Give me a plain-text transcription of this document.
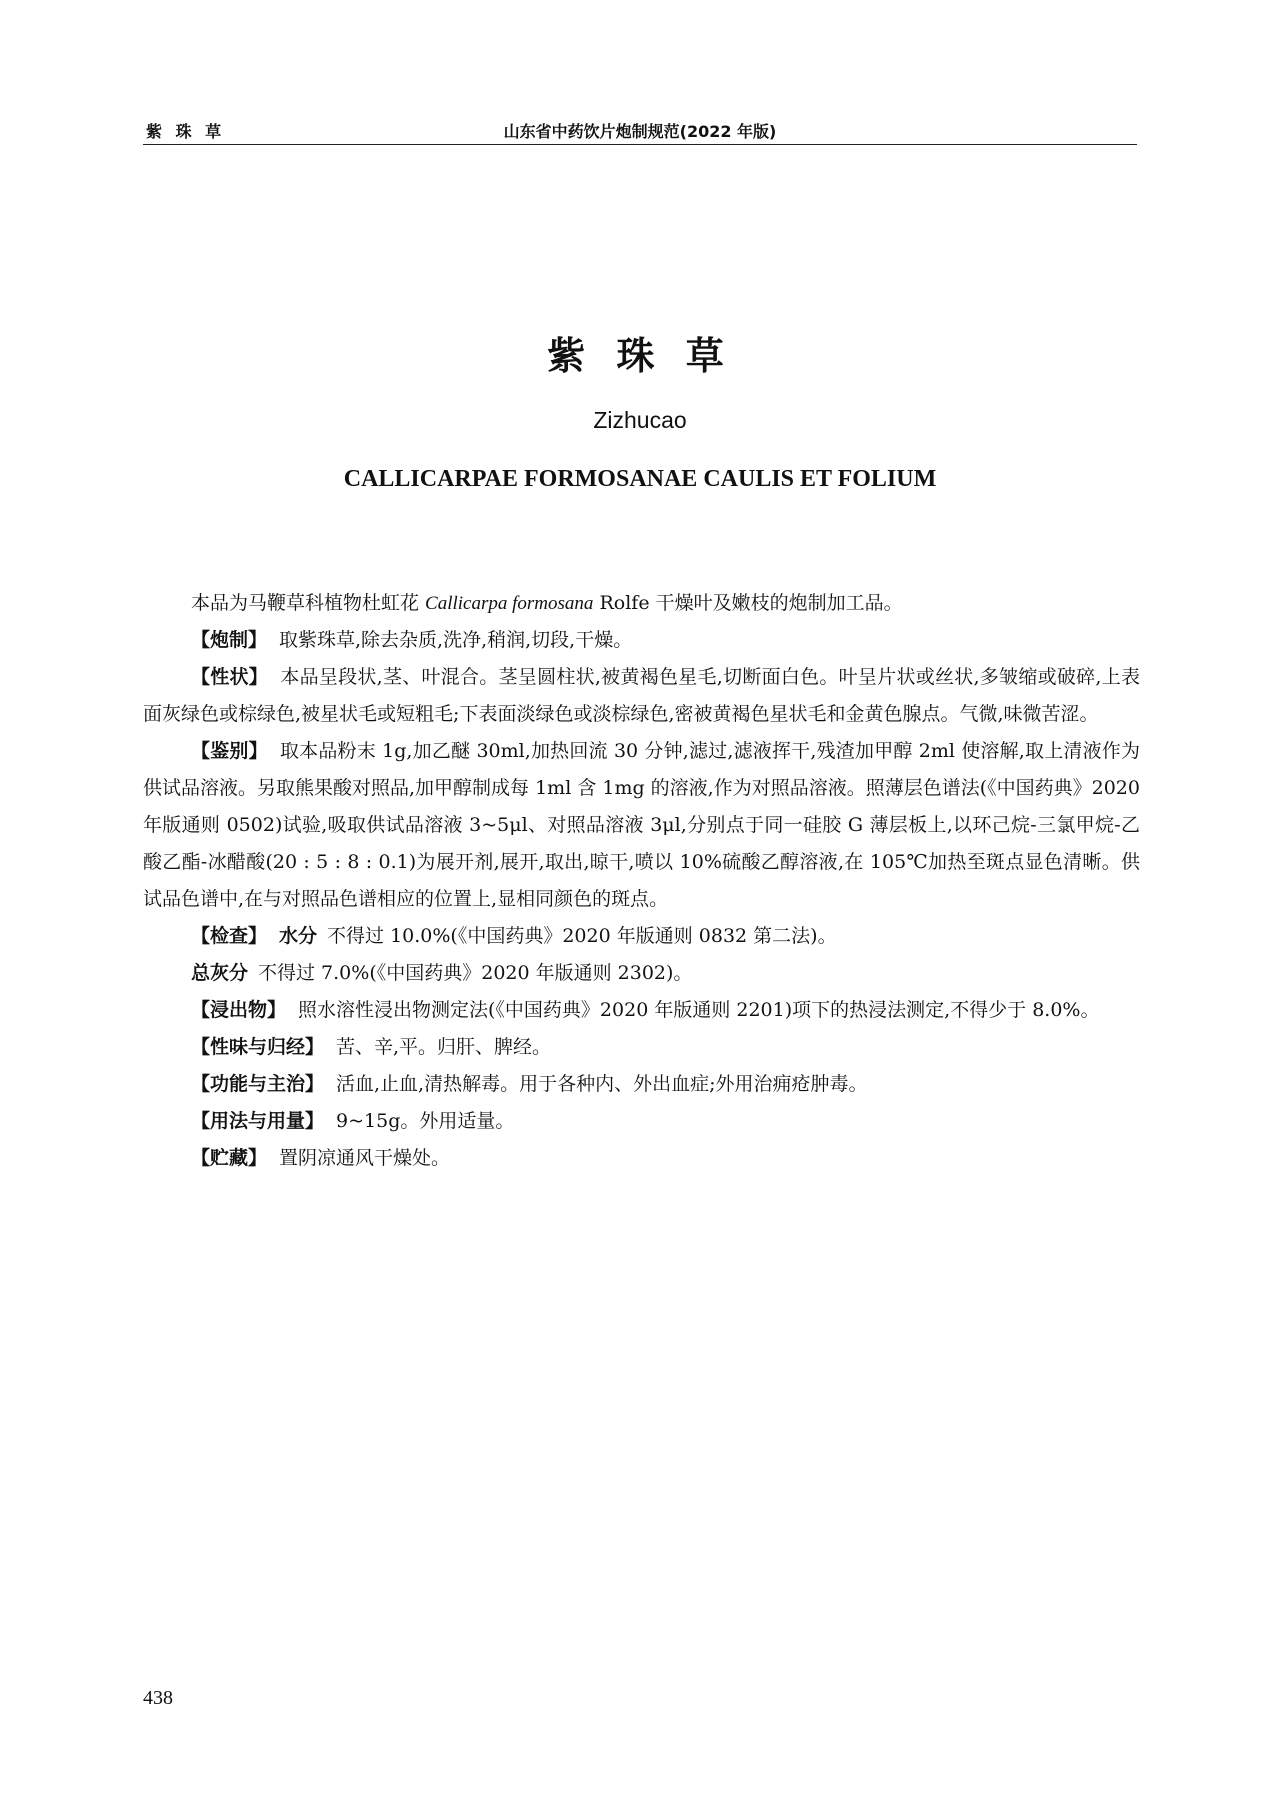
紫 珠 草	山东省中药饮片炮制规范(2022 年版)
紫 珠 草
Zizhucao
CALLICARPAE FORMOSANAE CAULIS ET FOLIUM

本品为马鞭草科植物杜虹花 Callicarpa formosana Rolfe 干燥叶及嫩枝的炮制加工品。

【炮制】 取紫珠草,除去杂质,洗净,稍润,切段,干燥。

【性状】 本品呈段状,茎、叶混合。茎呈圆柱状,被黄褐色星毛,切断面白色。叶呈片状或丝状,多皱缩或破碎,上表面灰绿色或棕绿色,被星状毛或短粗毛;下表面淡绿色或淡棕绿色,密被黄褐色星状毛和金黄色腺点。气微,味微苦涩。

【鉴别】 取本品粉末 1g,加乙醚 30ml,加热回流 30 分钟,滤过,滤液挥干,残渣加甲醇 2ml 使溶解,取上清液作为供试品溶液。另取熊果酸对照品,加甲醇制成每 1ml 含 1mg 的溶液,作为对照品溶液。照薄层色谱法(《中国药典》2020 年版通则 0502)试验,吸取供试品溶液 3~5μl、对照品溶液 3μl,分别点于同一硅胶 G 薄层板上,以环己烷-三氯甲烷-乙酸乙酯-冰醋酸(20 : 5 : 8 : 0.1)为展开剂,展开,取出,晾干,喷以 10%硫酸乙醇溶液,在 105℃加热至斑点显色清晰。供试品色谱中,在与对照品色谱相应的位置上,显相同颜色的斑点。

【检查】 水分 不得过 10.0%(《中国药典》2020 年版通则 0832 第二法)。

总灰分 不得过 7.0%(《中国药典》2020 年版通则 2302)。

【浸出物】 照水溶性浸出物测定法(《中国药典》2020 年版通则 2201)项下的热浸法测定,不得少于 8.0%。

【性味与归经】 苦、辛,平。归肝、脾经。

【功能与主治】 活血,止血,清热解毒。用于各种内、外出血症;外用治痈疮肿毒。

【用法与用量】 9~15g。外用适量。

【贮藏】 置阴凉通风干燥处。

438
